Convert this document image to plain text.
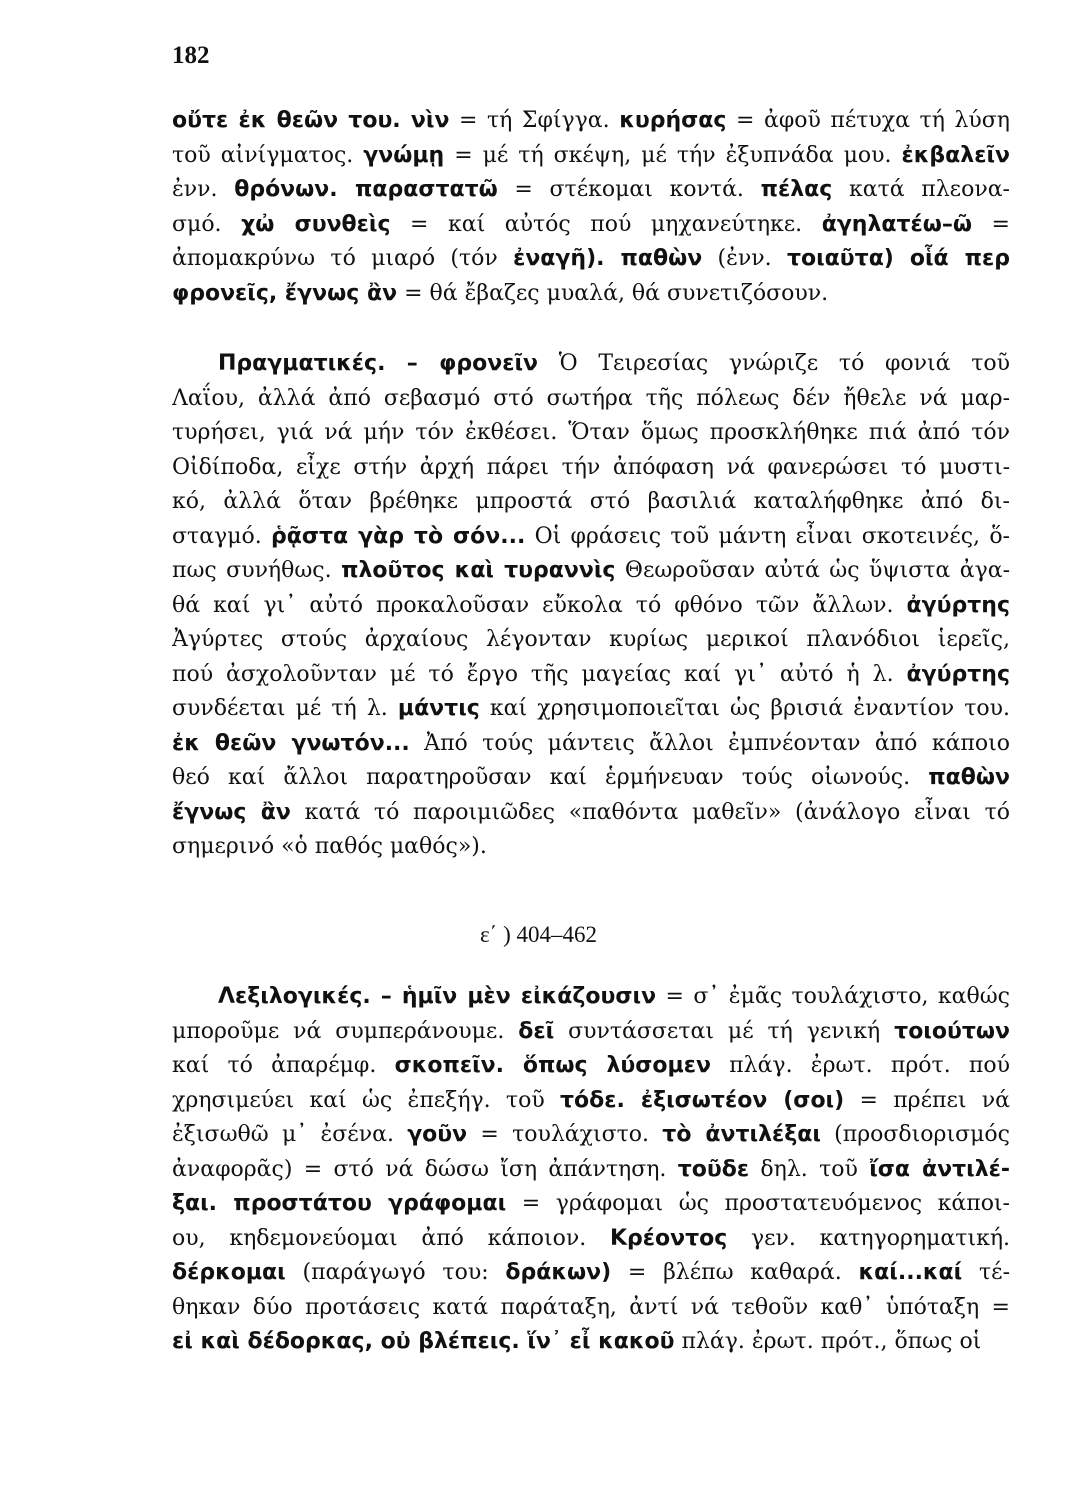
182
οὔτε ἐκ θεῶν του. νὶν = τή Σφίγγα. κυρήσας = ἀφοῦ πέτυχα τή λύση
τοῦ αἰνίγματος. γνώμῃ = μέ τή σκέψη, μέ τήν ἐξυπνάδα μου. ἐκβαλεῖν
ἐνν. θρόνων. παραστατῶ = στέκομαι κοντά. πέλας κατά πλεονα-
σμό. χὠ συνθεὶς = καί αὐτός πού μηχανεύτηκε. ἀγηλατέω–ῶ =
ἀπομακρύνω τό μιαρό (τόν ἐναγῆ). παθὼν (ἐνν. τοιαῦτα) οἷά περ
φρονεῖς, ἔγνως ἂν = θά ἔβαζες μυαλά, θά συνετιζόσουν.
Πραγματικές. – φρονεῖν Ὁ Τειρεσίας γνώριζε τό φονιά τοῦ
Λαΐου, ἀλλά ἀπό σεβασμό στό σωτήρα τῆς πόλεως δέν ἤθελε νά μαρ-
τυρήσει, γιά νά μήν τόν ἐκθέσει. Ὅταν ὅμως προσκλήθηκε πιά ἀπό τόν
Οἰδίποδα, εἶχε στήν ἀρχή πάρει τήν ἀπόφαση νά φανερώσει τό μυστι-
κό, ἀλλά ὅταν βρέθηκε μπροστά στό βασιλιά καταλήφθηκε ἀπό δι-
σταγμό. ῥᾷστα γὰρ τὸ σόν... Οἱ φράσεις τοῦ μάντη εἶναι σκοτεινές, ὅ-
πως συνήθως. πλοῦτος καὶ τυραννὶς Θεωροῦσαν αὐτά ὡς ὕψιστα ἀγα-
θά καί γι᾽ αὐτό προκαλοῦσαν εὔκολα τό φθόνο τῶν ἄλλων. ἀγύρτης
Ἀγύρτες στούς ἀρχαίους λέγονταν κυρίως μερικοί πλανόδιοι ἱερεῖς,
πού ἀσχολοῦνταν μέ τό ἔργο τῆς μαγείας καί γι᾽ αὐτό ἡ λ. ἀγύρτης
συνδέεται μέ τή λ. μάντις καί χρησιμοποιεῖται ὡς βρισιά ἐναντίον του.
ἐκ θεῶν γνωτόν... Ἀπό τούς μάντεις ἄλλοι ἐμπνέονταν ἀπό κάποιο
θεό καί ἄλλοι παρατηροῦσαν καί ἑρμήνευαν τούς οἰωνούς. παθὼν
ἔγνως ἂν κατά τό παροιμιῶδες «παθόντα μαθεῖν» (ἀνάλογο εἶναι τό
σημερινό «ὁ παθός μαθός»).
ε΄ ) 404–462
Λεξιλογικές. – ἡμῖν μὲν εἰκάζουσιν = σ᾽ ἐμᾶς τουλάχιστο, καθώς
μποροῦμε νά συμπεράνουμε. δεῖ συντάσσεται μέ τή γενική τοιούτων
καί τό ἀπαρέμφ. σκοπεῖν. ὅπως λύσομεν πλάγ. ἐρωτ. πρότ. πού
χρησιμεύει καί ὡς ἐπεξήγ. τοῦ τόδε. ἐξισωτέον (σοι) = πρέπει νά
ἐξισωθῶ μ᾽ ἐσένα. γοῦν = τουλάχιστο. τὸ ἀντιλέξαι (προσδιορισμός
ἀναφορᾶς) = στό νά δώσω ἴση ἀπάντηση. τοῦδε δηλ. τοῦ ἴσα ἀντιλέ-
ξαι. προστάτου γράφομαι = γράφομαι ὡς προστατευόμενος κάποι-
ου, κηδεμονεύομαι ἀπό κάποιον. Κρέοντος γεν. κατηγορηματική.
δέρκομαι (παράγωγό του: δράκων) = βλέπω καθαρά. καί...καί τέ-
θηκαν δύο προτάσεις κατά παράταξη, ἀντί νά τεθοῦν καθ᾽ ὑπόταξη =
εἰ καὶ δέδορκας, οὐ βλέπεις. ἵν᾽ εἶ κακοῦ πλάγ. ἐρωτ. πρότ., ὅπως οἱ
